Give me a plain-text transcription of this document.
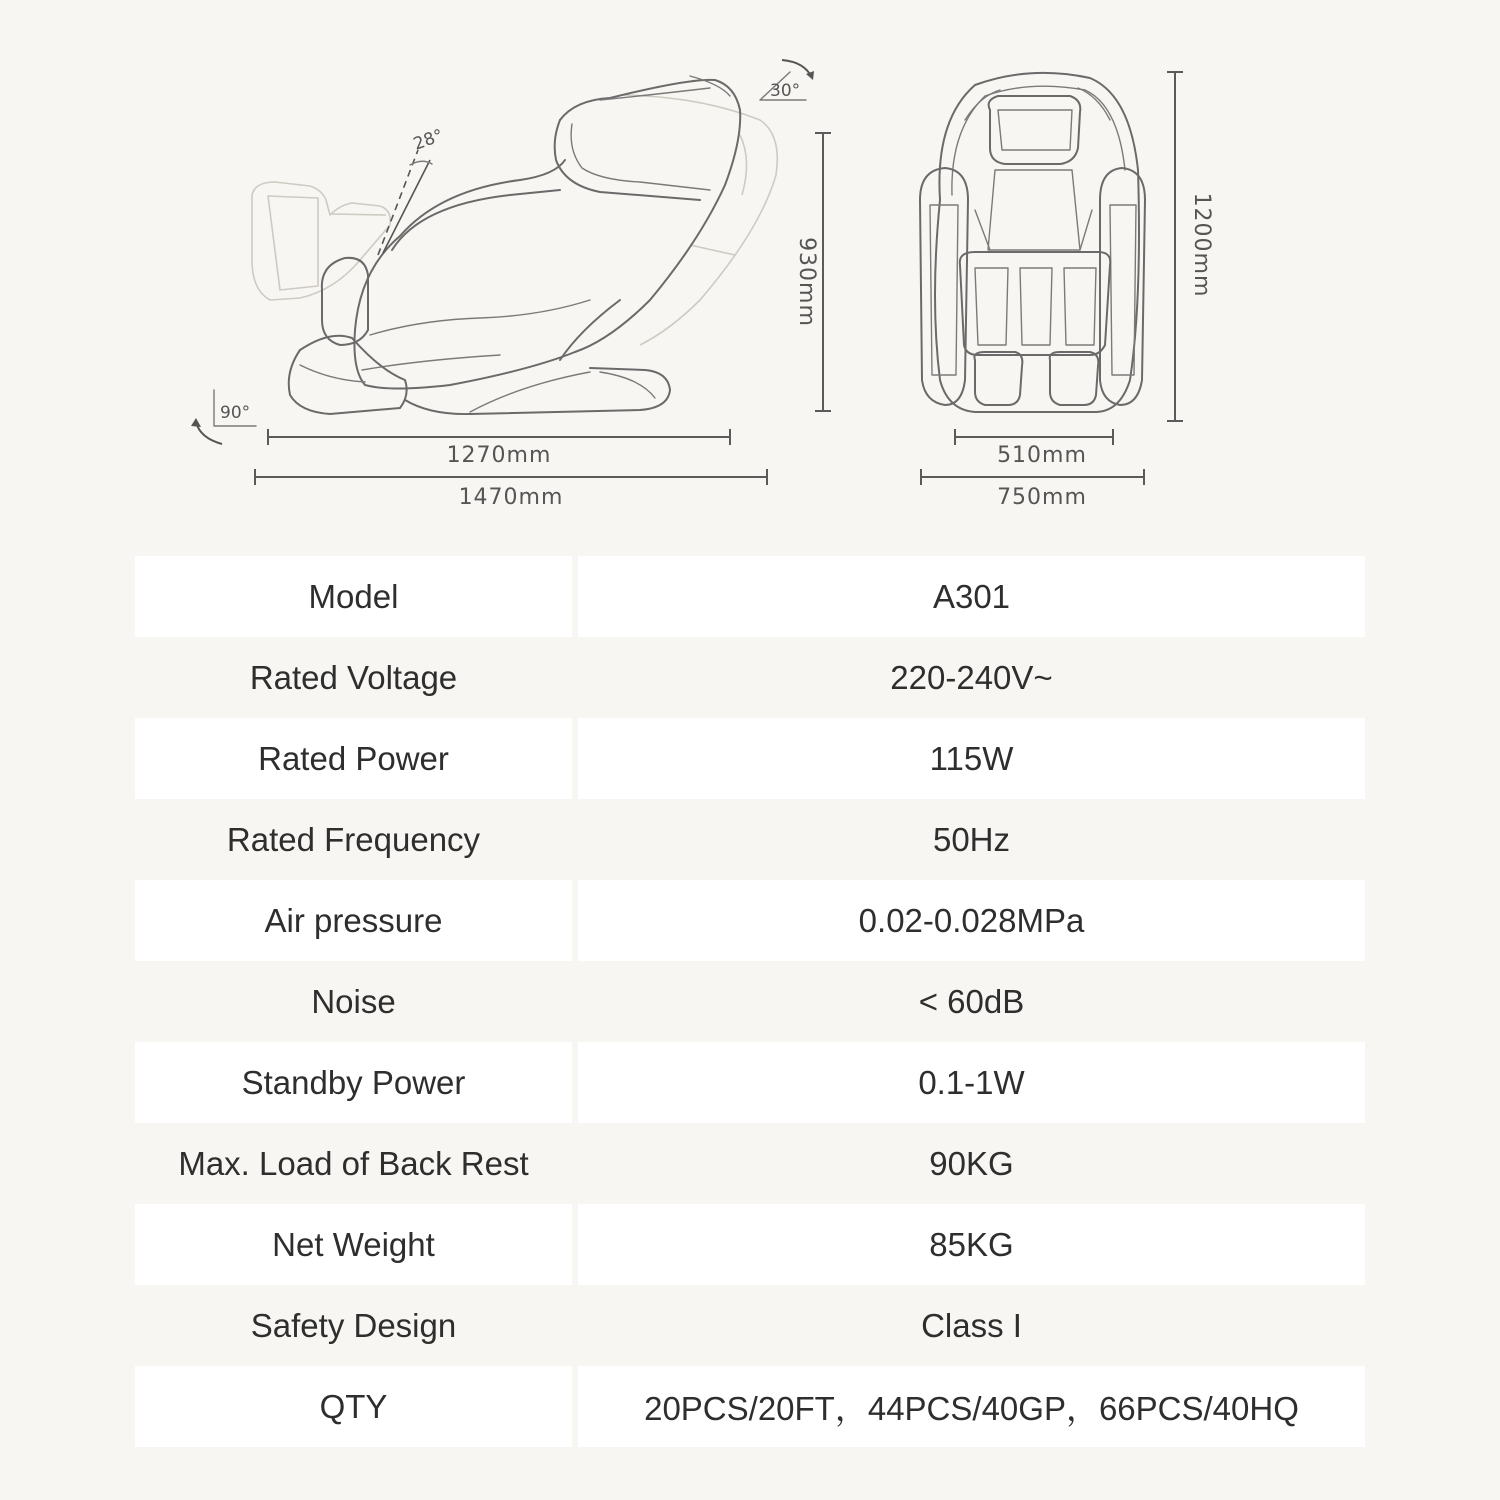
28°
30°
90°
1270mm
1470mm
930mm
510mm
750mm
1200mm
Model	A301
Rated Voltage	220-240V~
Rated Power	115W
Rated Frequency	50Hz
Air pressure	0.02-0.028MPa
Noise	< 60dB
Standby Power	0.1-1W
Max. Load of Back Rest	90KG
Net Weight	85KG
Safety Design	Class I
QTY	20PCS/20FT，44PCS/40GP，66PCS/40HQ
